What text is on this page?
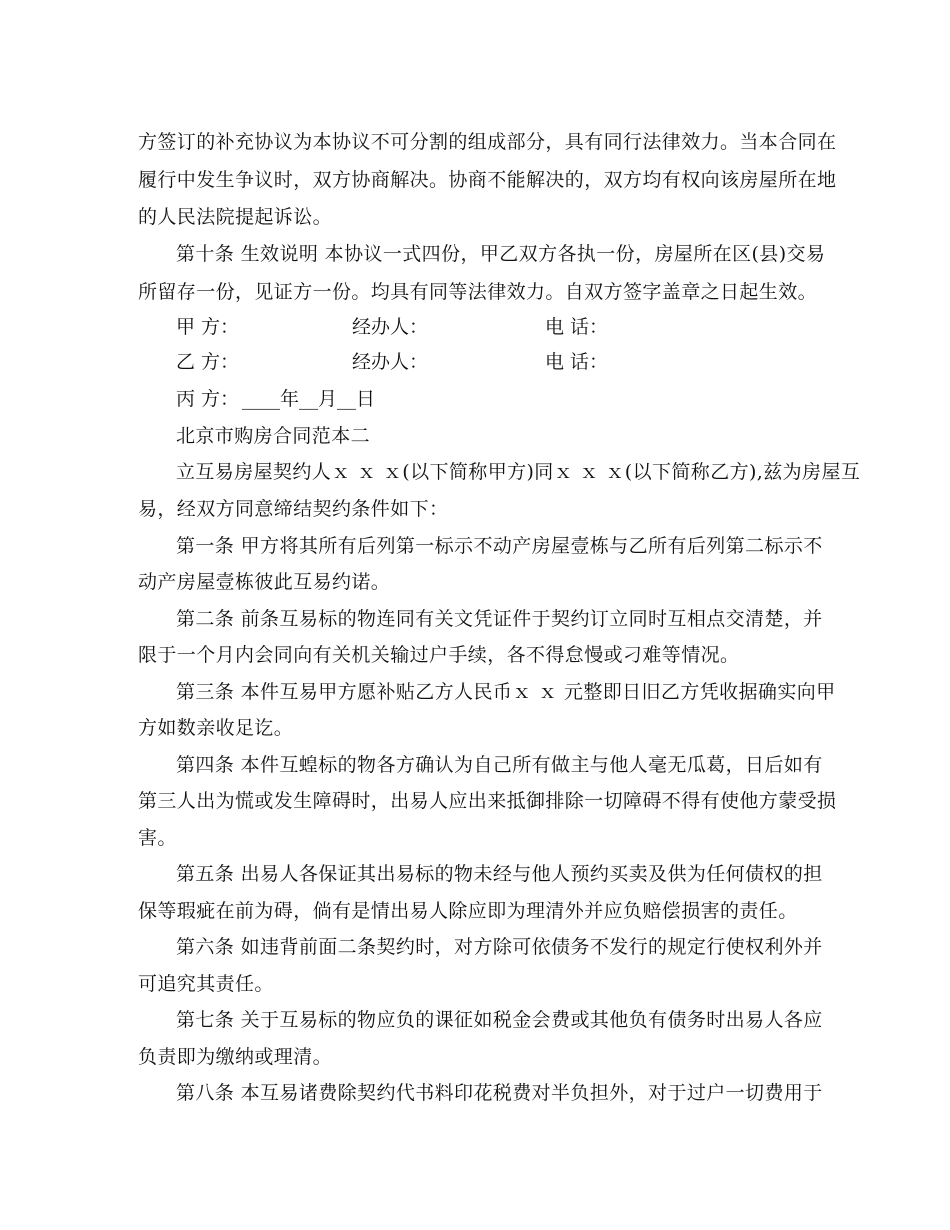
方签订的补充协议为本协议不可分割的组成部分，具有同行法律效力。当本合同在
履行中发生争议时，双方协商解决。协商不能解决的，双方均有权向该房屋所在地
的人民法院提起诉讼。
第十条 生效说明 本协议一式四份，甲乙双方各执一份，房屋所在区(县)交易
所留存一份，见证方一份。均具有同等法律效力。自双方签字盖章之日起生效。
甲 方：	经办人：	电 话：
乙 方：	经办人：	电 话：
丙 方： ____年__月__日
北京市购房合同范本二
立互易房屋契约人ｘ ｘ ｘ(以下简称甲方)同ｘ ｘ ｘ(以下简称乙方),兹为房屋互
易，经双方同意缔结契约条件如下：
第一条 甲方将其所有后列第一标示不动产房屋壹栋与乙所有后列第二标示不
动产房屋壹栋彼此互易约诺。
第二条 前条互易标的物连同有关文凭证件于契约订立同时互相点交清楚，并
限于一个月内会同向有关机关输过户手续，各不得怠慢或刁难等情况。
第三条 本件互易甲方愿补贴乙方人民币ｘ ｘ 元整即日旧乙方凭收据确实向甲
方如数亲收足讫。
第四条 本件互蝗标的物各方确认为自己所有做主与他人毫无瓜葛，日后如有
第三人出为慌或发生障碍时，出易人应出来抵御排除一切障碍不得有使他方蒙受损
害。
第五条 出易人各保证其出易标的物未经与他人预约买卖及供为任何债权的担
保等瑕疵在前为碍，倘有是情出易人除应即为理清外并应负赔偿损害的责任。
第六条 如违背前面二条契约时，对方除可依债务不发行的规定行使权利外并
可追究其责任。
第七条 关于互易标的物应负的课征如税金会费或其他负有债务时出易人各应
负责即为缴纳或理清。
第八条 本互易诸费除契约代书料印花税费对半负担外，对于过户一切费用于
